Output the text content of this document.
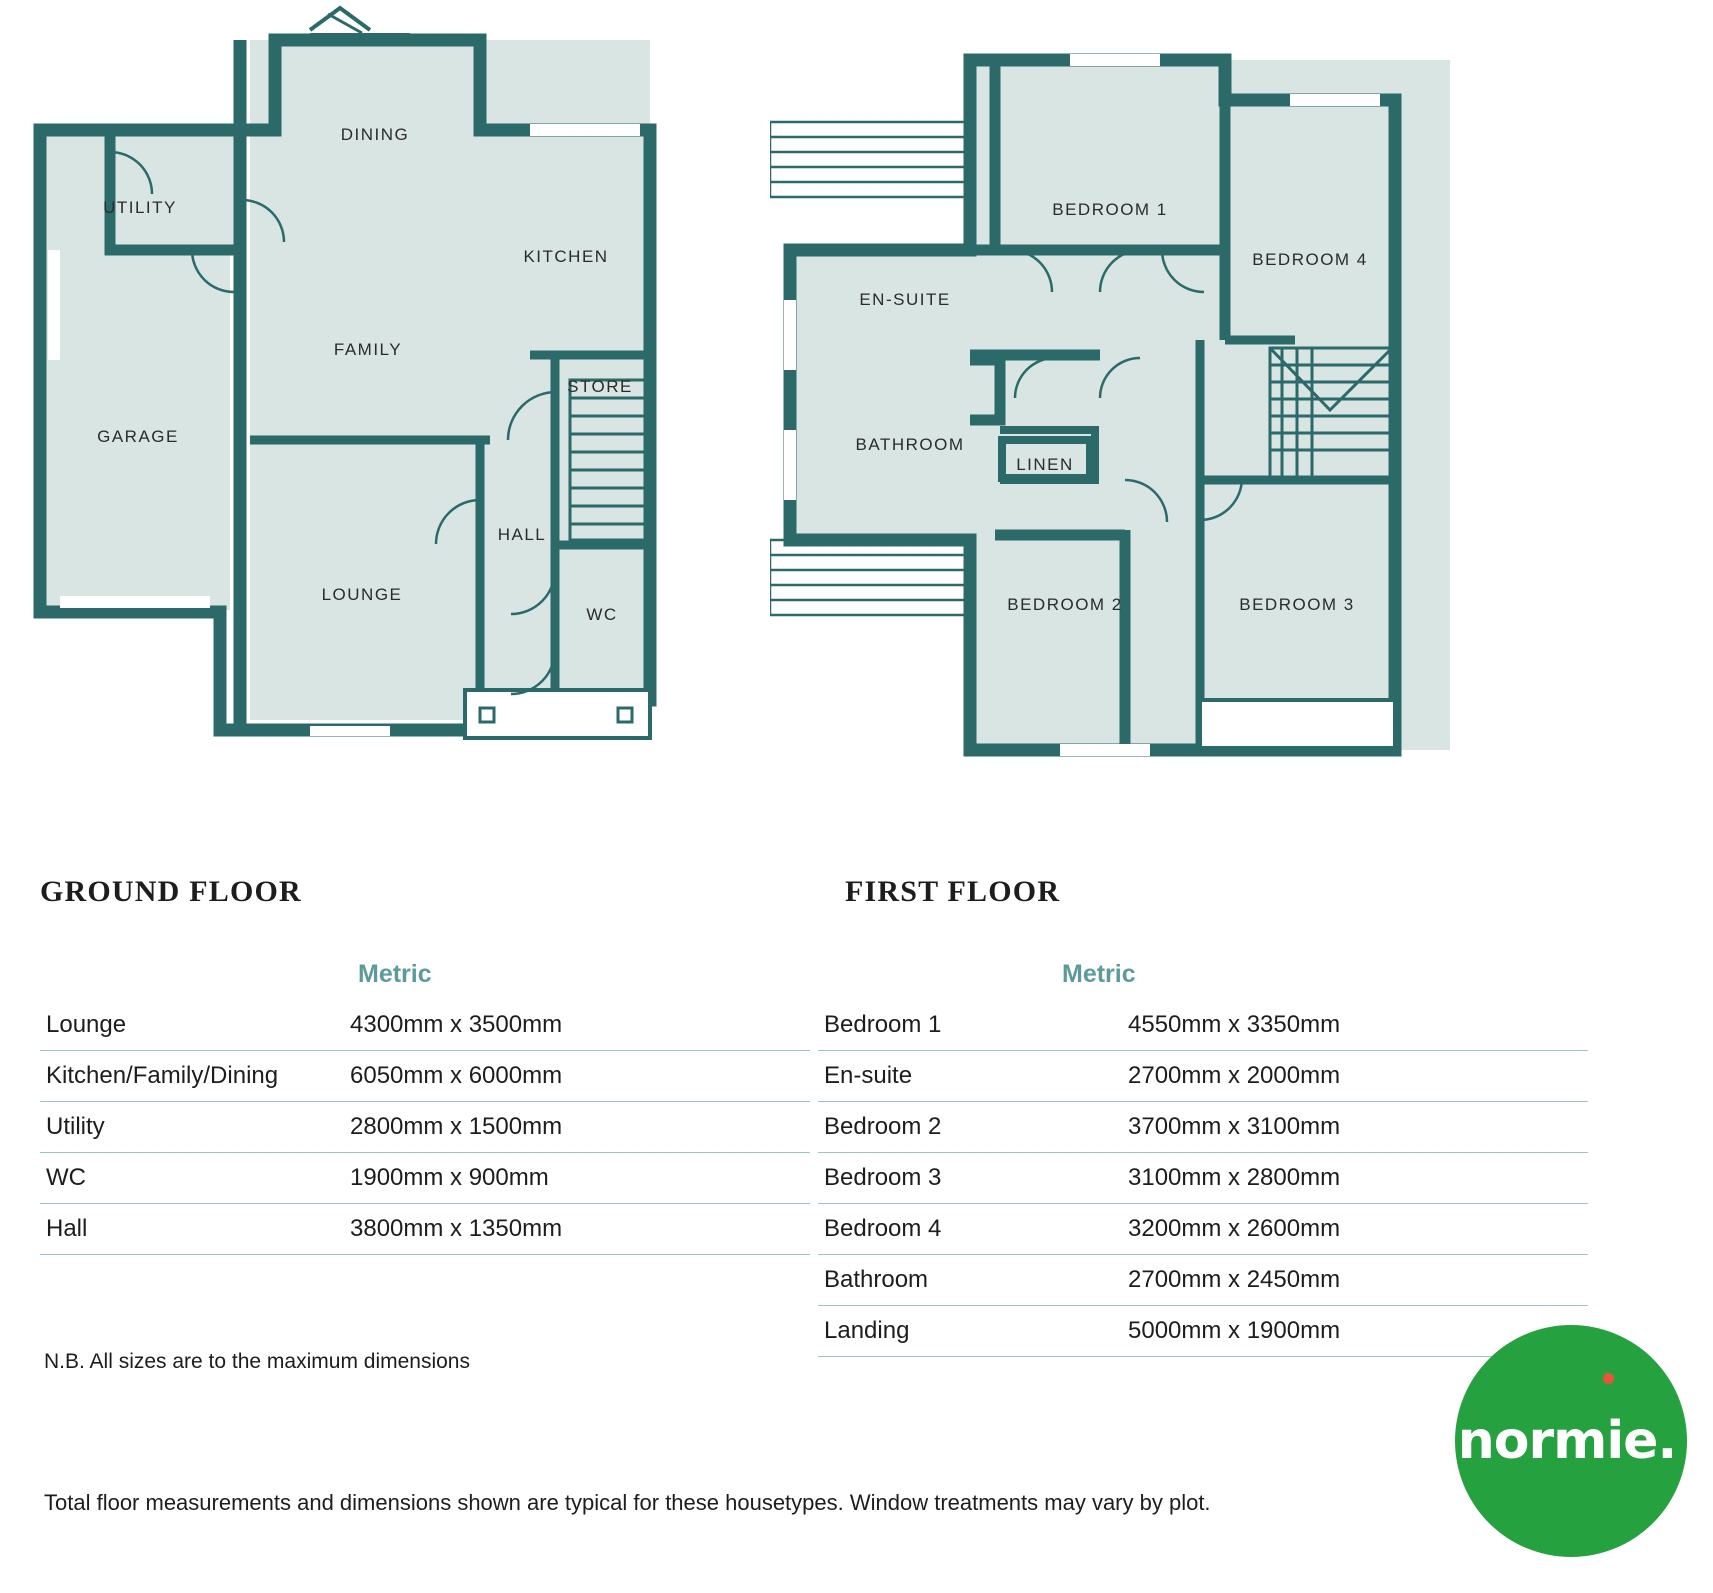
DINING
UTILITY
KITCHEN
FAMILY
STORE
GARAGE
HALL
LOUNGE
WC
BEDROOM 1
BEDROOM 4
EN-SUITE
BATHROOM
LINEN
BEDROOM 2	BEDROOM 3
GROUND FLOOR	FIRST FLOOR
Metric	Metric
Lounge	4300mm x 3500mm
Kitchen/Family/Dining	6050mm x 6000mm
Utility	2800mm x 1500mm
WC	1900mm x 900mm
Hall	3800mm x 1350mm
Bedroom 1	4550mm x 3350mm
En-suite	2700mm x 2000mm
Bedroom 2	3700mm x 3100mm
Bedroom 3	3100mm x 2800mm
Bedroom 4	3200mm x 2600mm
Bathroom	2700mm x 2450mm
Landing	5000mm x 1900mm
N.B. All sizes are to the maximum dimensions
Total floor measurements and dimensions shown are typical for these housetypes. Window treatments may vary by plot.
normie.
